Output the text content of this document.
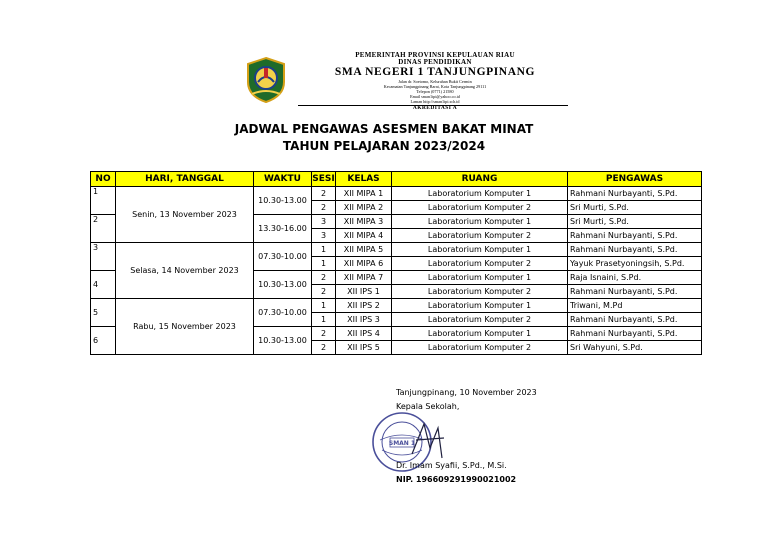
PEMERINTAH PROVINSI KEPULAUAN RIAU
DINAS PENDIDIKAN
SMA NEGERI 1 TANJUNGPINANG
Jalan dr. Soetomo, Kelurahan Bukit Cermin
Kecamatan Tanjungpinang Barat, Kota Tanjungpinang 29111
Telepon (0771) 21580
Email sman1tpi@yahoo.co.id
Laman http://sman1tpi.sch.id
AKREDITASI A
JADWAL PENGAWAS ASESMEN BAKAT MINAT
TAHUN PELAJARAN 2023/2024
NO	HARI, TANGGAL	WAKTU	SESI	KELAS	RUANG	PENGAWAS
1	Senin, 13 November 2023	10.30-13.00	2	XII MIPA 1	Laboratorium Komputer 1	Rahmani Nurbayanti, S.Pd.
			2	XII MIPA 2	Laboratorium Komputer 2	Sri Murti, S.Pd.
2		13.30-16.00	3	XII MIPA 3	Laboratorium Komputer 1	Sri Murti, S.Pd.
			3	XII MIPA 4	Laboratorium Komputer 2	Rahmani Nurbayanti, S.Pd.
3	Selasa, 14 November 2023	07.30-10.00	1	XII MIPA 5	Laboratorium Komputer 1	Rahmani Nurbayanti, S.Pd.
			1	XII MIPA 6	Laboratorium Komputer 2	Yayuk Prasetyoningsih, S.Pd.
4		10.30-13.00	2	XII MIPA 7	Laboratorium Komputer 1	Raja Isnaini, S.Pd.
			2	XII IPS 1	Laboratorium Komputer 2	Rahmani Nurbayanti, S.Pd.
5	Rabu, 15 November 2023	07.30-10.00	1	XII IPS 2	Laboratorium Komputer 1	Triwani, M.Pd
			1	XII IPS 3	Laboratorium Komputer 2	Rahmani Nurbayanti, S.Pd.
6		10.30-13.00	2	XII IPS 4	Laboratorium Komputer 1	Rahmani Nurbayanti, S.Pd.
			2	XII IPS 5	Laboratorium Komputer 2	Sri Wahyuni, S.Pd.
Tanjungpinang, 10 November 2023
Kepala Sekolah,
SMAN 1
Dr. Imam Syafii, S.Pd., M.Si.
NIP. 196609291990021002
